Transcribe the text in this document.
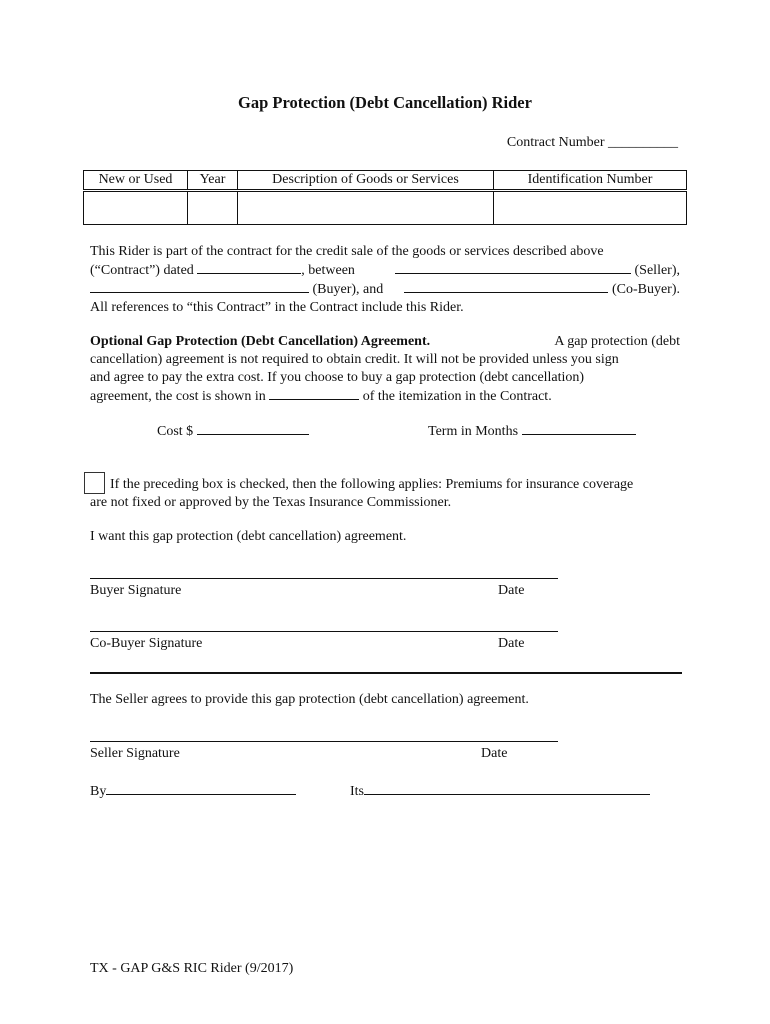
Gap Protection (Debt Cancellation) Rider
Contract Number __________
New or Used	Year	Description of Goods or Services	Identification Number

This Rider is part of the contract for the credit sale of the goods or services described above
(“Contract”) dated	, between	(Seller),
(Buyer), and	(Co-Buyer).
All references to “this Contract” in the Contract include this Rider.
Optional Gap Protection (Debt Cancellation) Agreement.	A gap protection (debt
cancellation) agreement is not required to obtain credit. It will not be provided unless you sign
and agree to pay the extra cost. If you choose to buy a gap protection (debt cancellation)
agreement, the cost is shown in	of the itemization in the Contract.
Cost $	Term in Months
If the preceding box is checked, then the following applies: Premiums for insurance coverage
are not fixed or approved by the Texas Insurance Commissioner.
I want this gap protection (debt cancellation) agreement.
Buyer Signature	Date
Co-Buyer Signature	Date
The Seller agrees to provide this gap protection (debt cancellation) agreement.
Seller Signature	Date
By	Its
TX - GAP G&S RIC Rider (9/2017)
